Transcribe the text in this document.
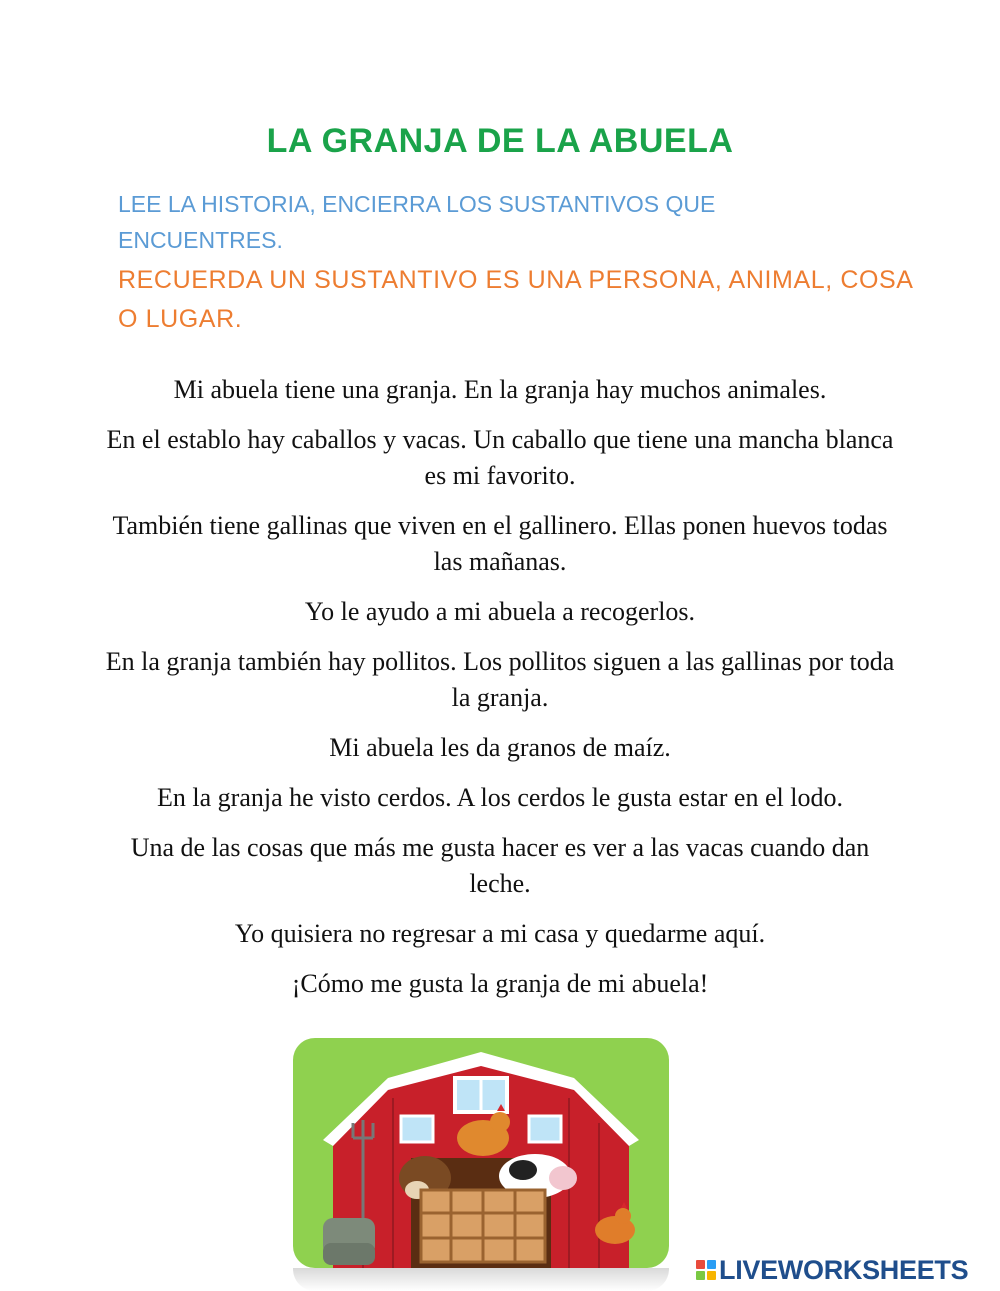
LA GRANJA DE LA ABUELA
LEE LA HISTORIA, ENCIERRA LOS SUSTANTIVOS QUE ENCUENTRES.
RECUERDA UN SUSTANTIVO ES UNA PERSONA, ANIMAL, COSA O LUGAR.

Mi abuela tiene una granja. En la granja hay muchos animales.

En el establo hay caballos y vacas. Un caballo que tiene una mancha blanca es mi favorito.

También tiene gallinas que viven en el gallinero. Ellas ponen huevos todas las mañanas.

Yo le ayudo a mi abuela a recogerlos.

En la granja también hay pollitos. Los pollitos siguen a las gallinas por toda la granja.

Mi abuela les da granos de maíz.

En la granja he visto cerdos. A los cerdos le gusta estar en el lodo.

Una de las cosas que más me gusta hacer es ver a las vacas cuando dan leche.

Yo quisiera no regresar a mi casa y quedarme aquí.

¡Cómo me gusta la granja de mi abuela!

LIVEWORKSHEETS
